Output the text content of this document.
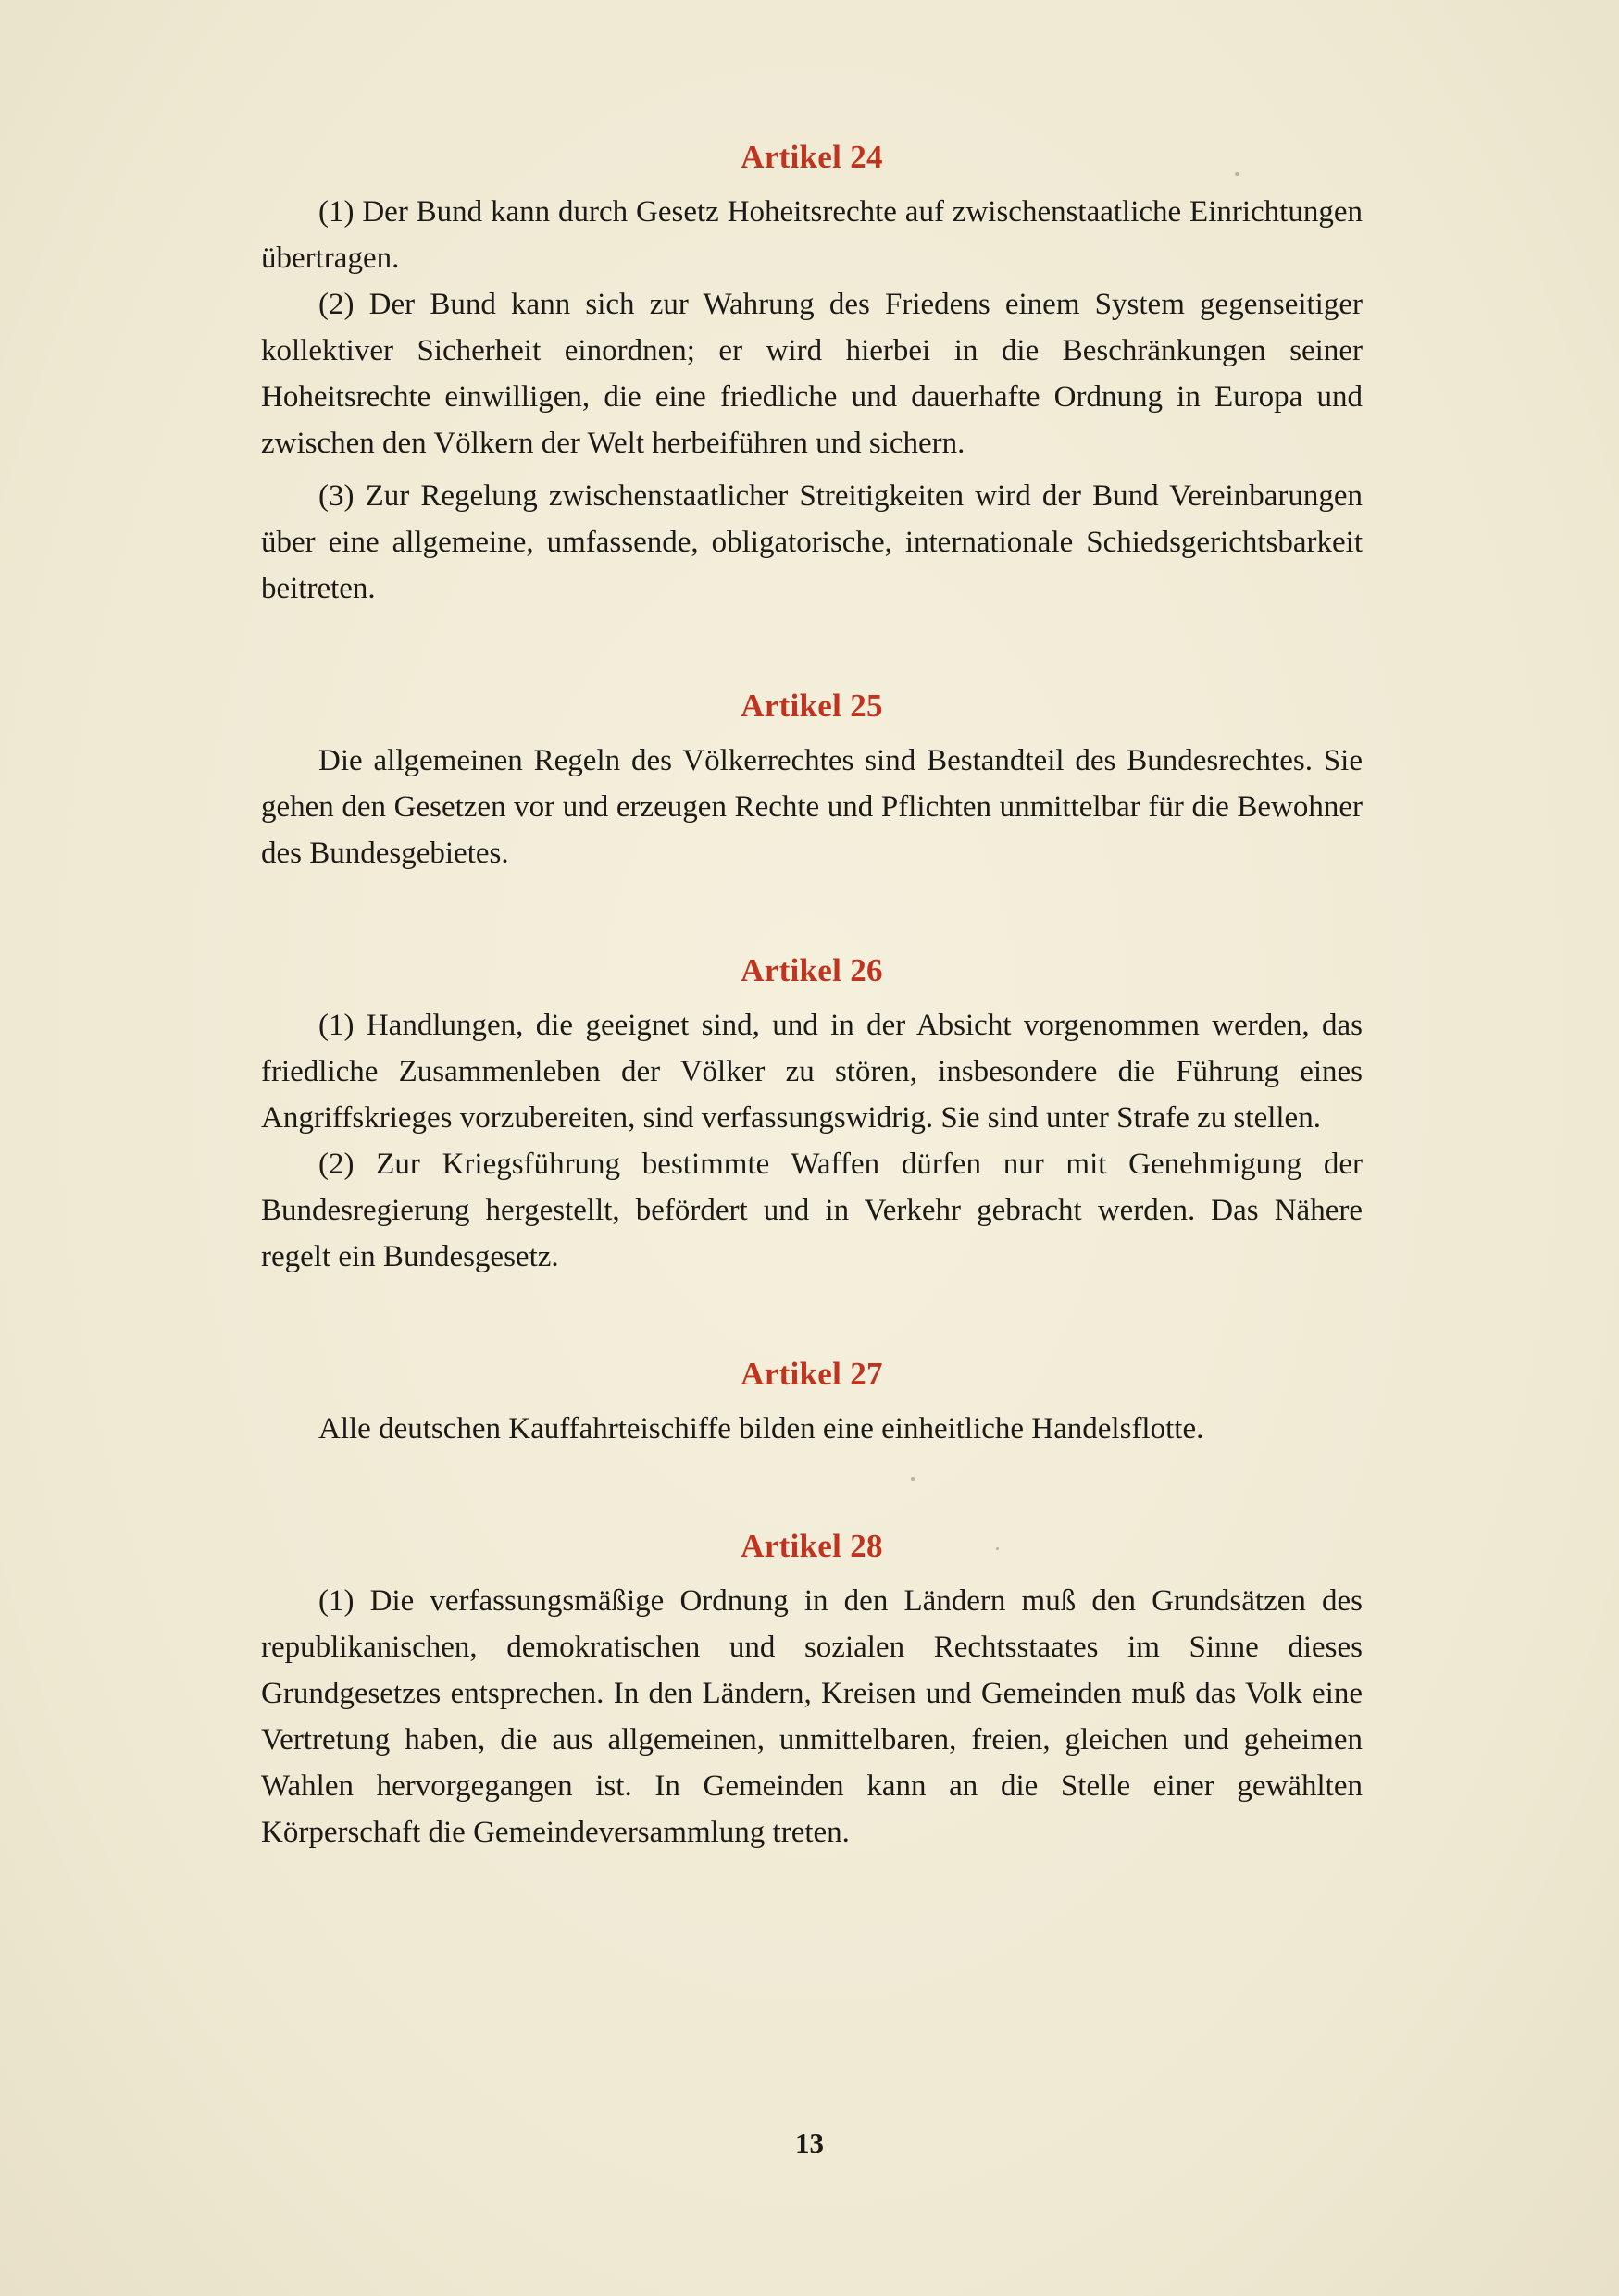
Artikel 24

(1) Der Bund kann durch Gesetz Hoheitsrechte auf zwischenstaatliche Einrichtungen übertragen.

(2) Der Bund kann sich zur Wahrung des Friedens einem System gegenseitiger kollektiver Sicherheit einordnen; er wird hierbei in die Beschränkungen seiner Hoheitsrechte einwilligen, die eine friedliche und dauerhafte Ordnung in Europa und zwischen den Völkern der Welt herbeiführen und sichern.

(3) Zur Regelung zwischenstaatlicher Streitigkeiten wird der Bund Vereinbarungen über eine allgemeine, umfassende, obligatorische, internationale Schiedsgerichtsbarkeit beitreten.

Artikel 25

Die allgemeinen Regeln des Völkerrechtes sind Bestandteil des Bundesrechtes. Sie gehen den Gesetzen vor und erzeugen Rechte und Pflichten unmittelbar für die Bewohner des Bundesgebietes.

Artikel 26

(1) Handlungen, die geeignet sind, und in der Absicht vorgenommen werden, das friedliche Zusammenleben der Völker zu stören, insbesondere die Führung eines Angriffskrieges vorzubereiten, sind verfassungswidrig. Sie sind unter Strafe zu stellen.

(2) Zur Kriegsführung bestimmte Waffen dürfen nur mit Genehmigung der Bundesregierung hergestellt, befördert und in Verkehr gebracht werden. Das Nähere regelt ein Bundesgesetz.

Artikel 27

Alle deutschen Kauffahrteischiffe bilden eine einheitliche Handelsflotte.

Artikel 28

(1) Die verfassungsmäßige Ordnung in den Ländern muß den Grundsätzen des republikanischen, demokratischen und sozialen Rechtsstaates im Sinne dieses Grundgesetzes entsprechen. In den Ländern, Kreisen und Gemeinden muß das Volk eine Vertretung haben, die aus allgemeinen, unmittelbaren, freien, gleichen und geheimen Wahlen hervorgegangen ist. In Gemeinden kann an die Stelle einer gewählten Körperschaft die Gemeindeversammlung treten.

13
